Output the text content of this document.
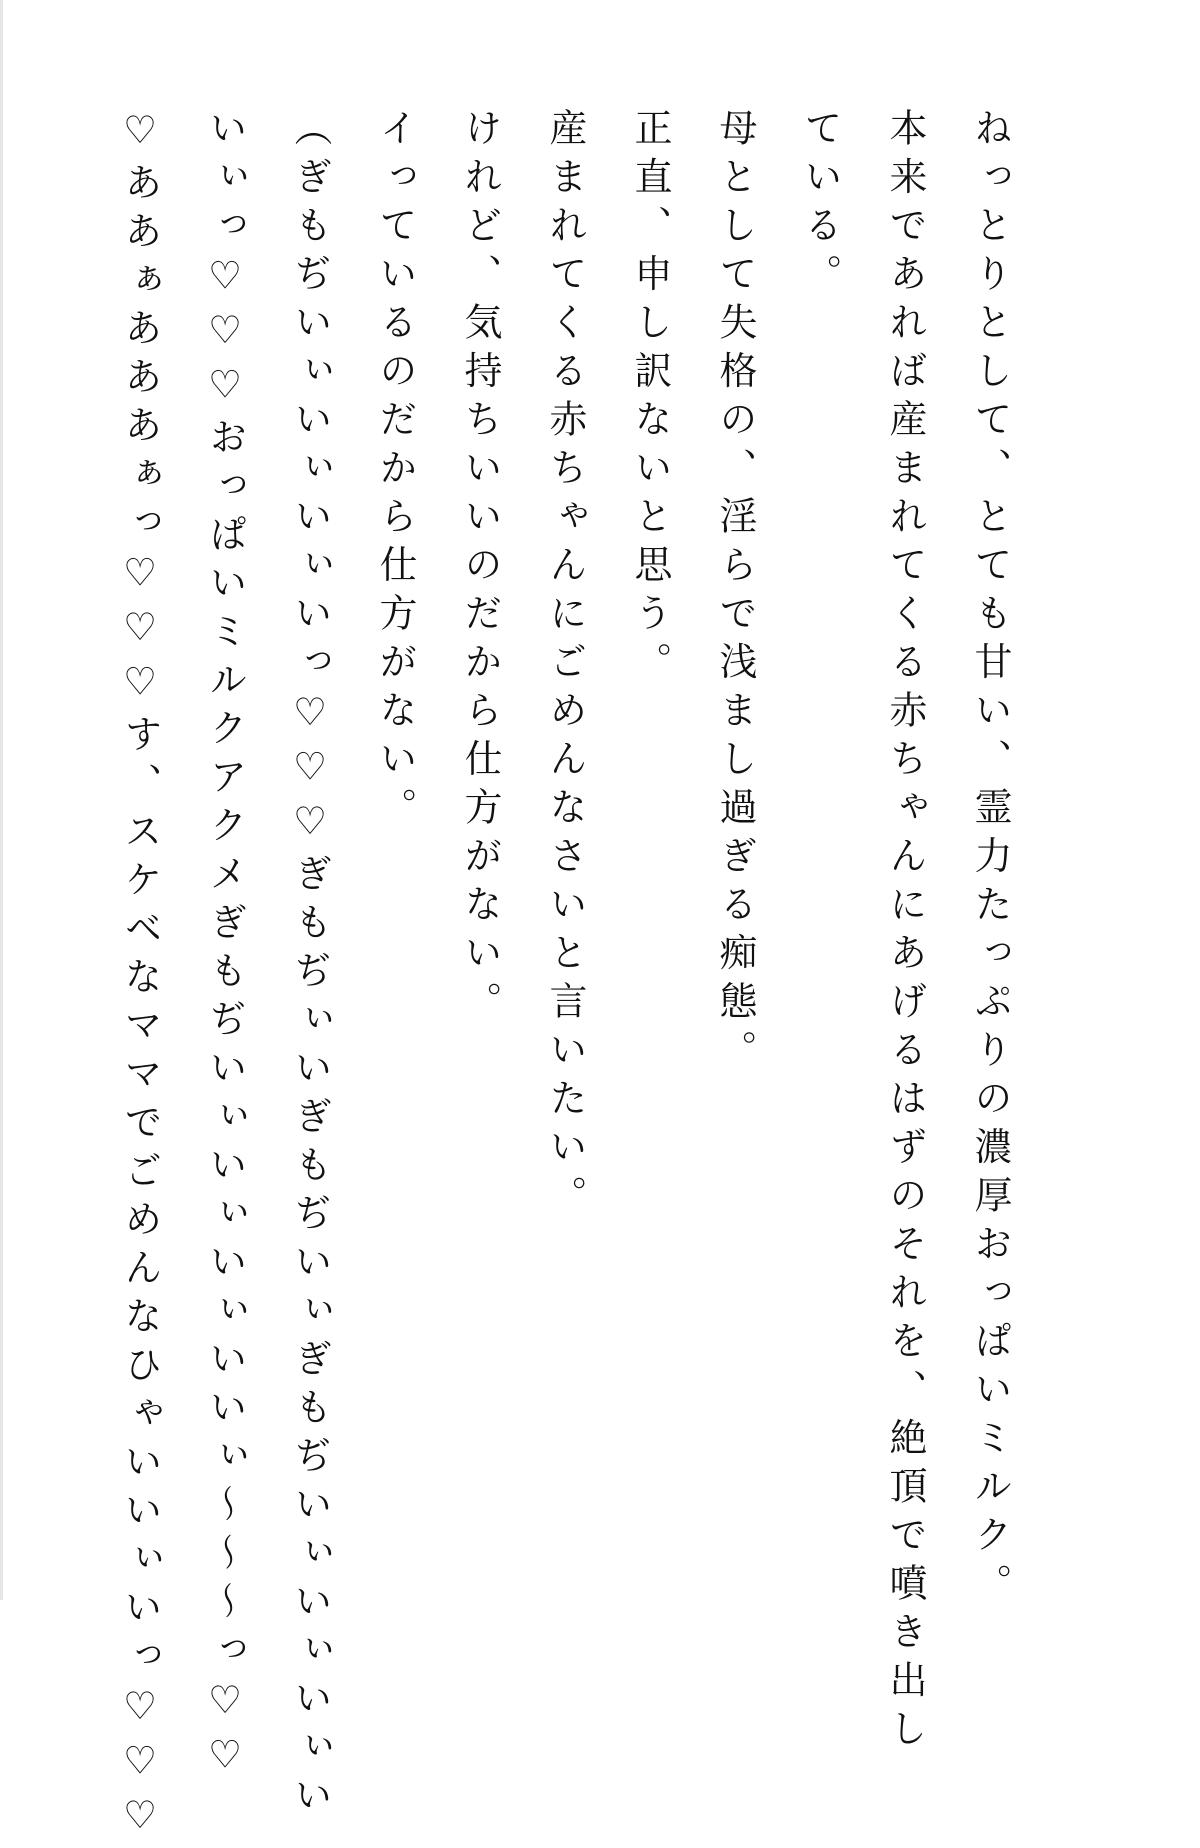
ねっとりとして、とても甘い、霊力たっぷりの濃厚おっぱいミルク。
本来であれば産まれてくる赤ちゃんにあげるはずのそれを、絶頂で噴き出し
ている。
母として失格の、淫らで浅まし過ぎる痴態。
正直、申し訳ないと思う。
産まれてくる赤ちゃんにごめんなさいと言いたい。
けれど、気持ちいいのだから仕方がない。
イっているのだから仕方がない。
（ぎもぢいぃいぃいぃいっ♡♡♡ぎもぢぃいぎもぢいぃぎもぢいぃいぃいぃい
いぃっ♡♡♡おっぱいミルクアクメぎもぢいぃいぃいぃいいぃ〜〜〜っ♡♡
♡ああぁあああぁっ♡♡♡す、スケベなママでごめんなひゃいいぃいっ♡♡♡
